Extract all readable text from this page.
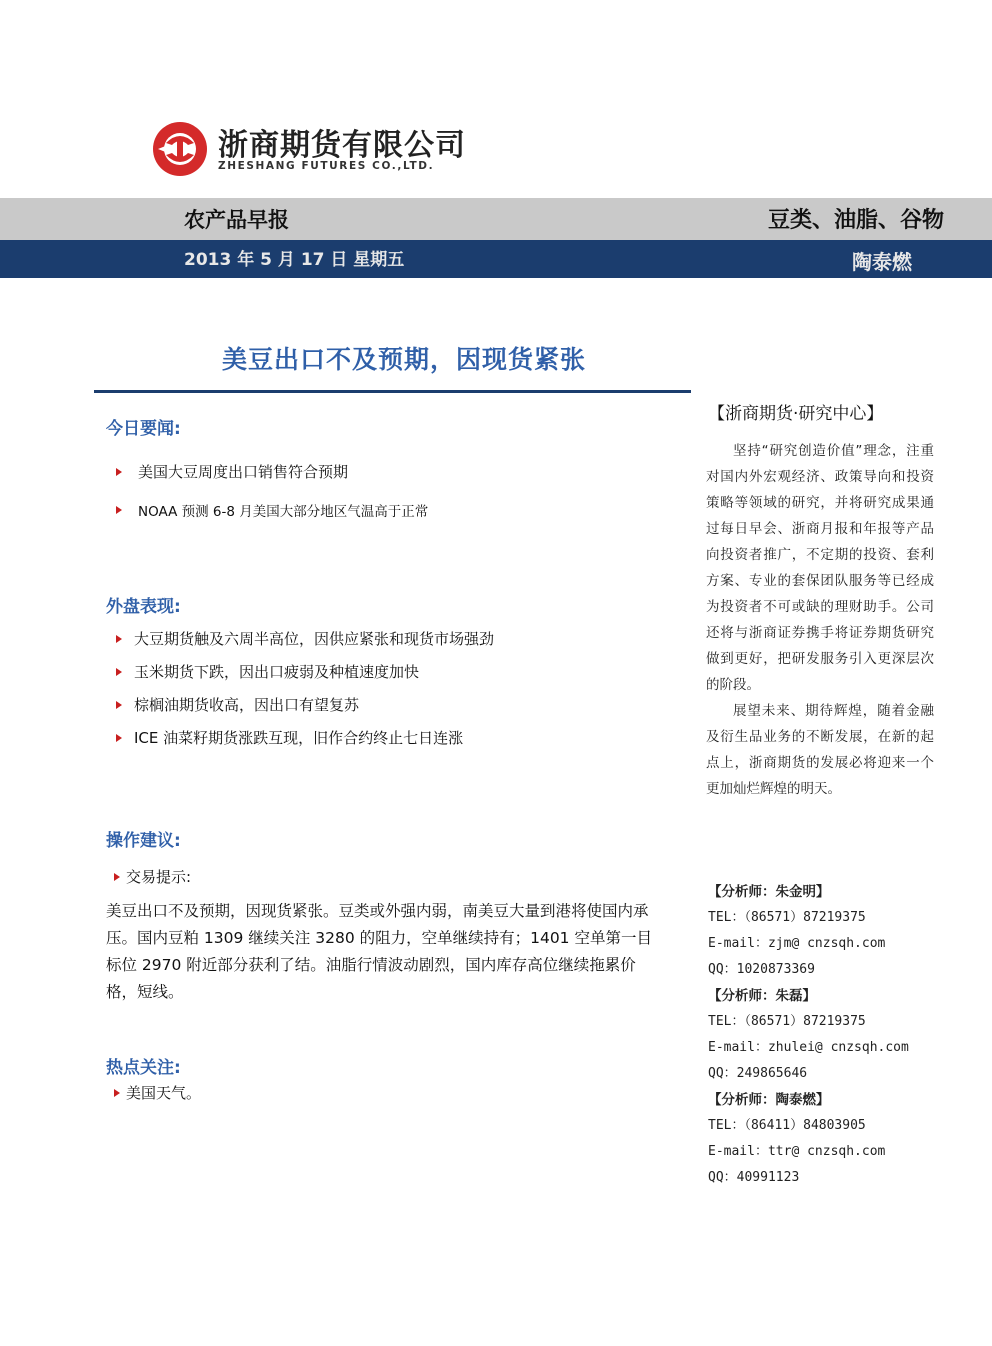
浙商期货有限公司
ZHESHANG FUTURES CO.,LTD.
农产品早报	豆类、油脂、谷物
2013 年 5 月 17 日 星期五	陶泰燃
美豆出口不及预期，因现货紧张
今日要闻:
美国大豆周度出口销售符合预期
NOAA 预测 6-8 月美国大部分地区气温高于正常
外盘表现:
大豆期货触及六周半高位，因供应紧张和现货市场强劲
玉米期货下跌，因出口疲弱及种植速度加快
棕榈油期货收高，因出口有望复苏
ICE 油菜籽期货涨跌互现，旧作合约终止七日连涨
操作建议:
交易提示:
美豆出口不及预期，因现货紧张。豆类或外强内弱，南美豆大量到港将使国内承压。国内豆粕 1309 继续关注 3280 的阻力，空单继续持有；1401 空单第一目标位 2970 附近部分获利了结。油脂行情波动剧烈，国内库存高位继续拖累价格，短线。
热点关注:
美国天气。
【浙商期货·研究中心】
坚持“研究创造价值”理念，注重对国内外宏观经济、政策导向和投资策略等领域的研究，并将研究成果通过每日早会、浙商月报和年报等产品向投资者推广，不定期的投资、套利方案、专业的套保团队服务等已经成为投资者不可或缺的理财助手。公司还将与浙商证券携手将证券期货研究做到更好，把研发服务引入更深层次的阶段。
展望未来、期待辉煌，随着金融及衍生品业务的不断发展，在新的起点上，浙商期货的发展必将迎来一个更加灿烂辉煌的明天。
【分析师：朱金明】
TEL：（86571）87219375
E-mail：zjm@ cnzsqh.com
QQ：1020873369
【分析师：朱磊】
TEL：（86571）87219375
E-mail：zhulei@ cnzsqh.com
QQ：249865646
【分析师：陶泰燃】
TEL：（86411）84803905
E-mail：ttr@ cnzsqh.com
QQ：40991123
